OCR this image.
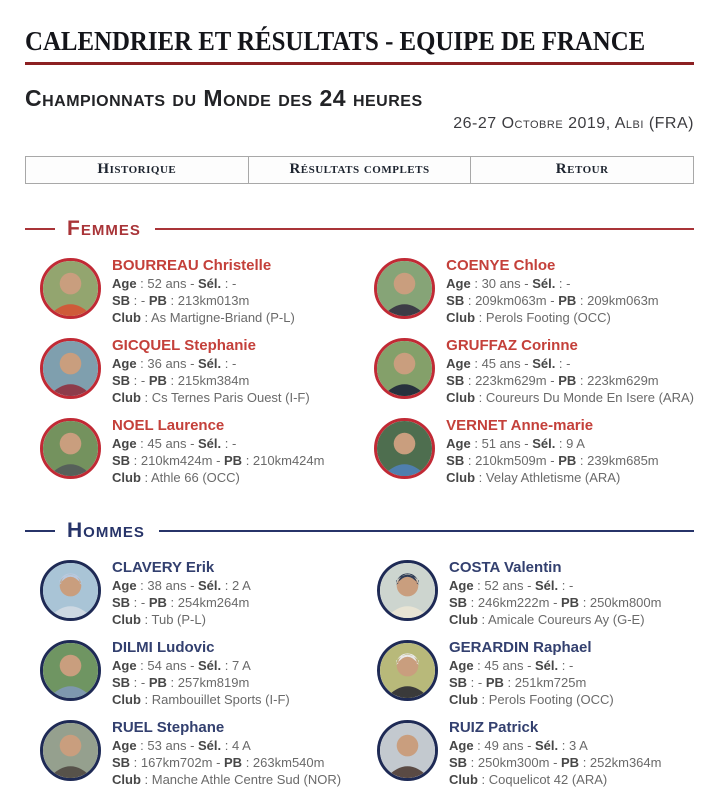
CALENDRIER ET RÉSULTATS - EQUIPE DE FRANCE
Championnats du Monde des 24 heures
26-27 Octobre 2019, Albi (FRA)
Historique	Résultats complets	Retour
Femmes
BOURREAU Christelle
Age : 52 ans - Sél. : -
SB : - PB : 213km013m
Club : As Martigne-Briand (P-L)
COENYE Chloe
Age : 30 ans - Sél. : -
SB : 209km063m - PB : 209km063m
Club : Perols Footing (OCC)
GICQUEL Stephanie
Age : 36 ans - Sél. : -
SB : - PB : 215km384m
Club : Cs Ternes Paris Ouest (I-F)
GRUFFAZ Corinne
Age : 45 ans - Sél. : -
SB : 223km629m - PB : 223km629m
Club : Coureurs Du Monde En Isere (ARA)
NOEL Laurence
Age : 45 ans - Sél. : -
SB : 210km424m - PB : 210km424m
Club : Athle 66 (OCC)
VERNET Anne-marie
Age : 51 ans - Sél. : 9 A
SB : 210km509m - PB : 239km685m
Club : Velay Athletisme (ARA)
Hommes
CLAVERY Erik
Age : 38 ans - Sél. : 2 A
SB : - PB : 254km264m
Club : Tub (P-L)
COSTA Valentin
Age : 52 ans - Sél. : -
SB : 246km222m - PB : 250km800m
Club : Amicale Coureurs Ay (G-E)
DILMI Ludovic
Age : 54 ans - Sél. : 7 A
SB : - PB : 257km819m
Club : Rambouillet Sports (I-F)
GERARDIN Raphael
Age : 45 ans - Sél. : -
SB : - PB : 251km725m
Club : Perols Footing (OCC)
RUEL Stephane
Age : 53 ans - Sél. : 4 A
SB : 167km702m - PB : 263km540m
Club : Manche Athle Centre Sud (NOR)
RUIZ Patrick
Age : 49 ans - Sél. : 3 A
SB : 250km300m - PB : 252km364m
Club : Coquelicot 42 (ARA)
